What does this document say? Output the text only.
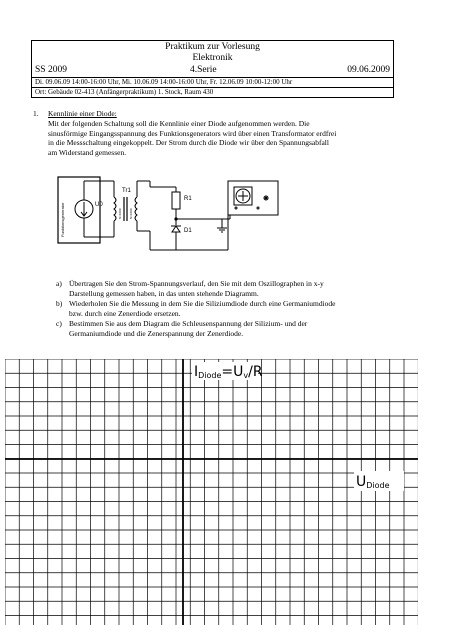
Praktikum zur Vorlesung
Elektronik
SS 2009	4.Serie	09.06.2009
Di. 09.06.09 14:00-16:00 Uhr, Mi. 10.06.09 14:00-16:00 Uhr, Fr. 12.06.09 10:00-12:00 Uhr
Ort: Gebäude 02-413 (Anfängerpraktikum) 1. Stock, Raum 430
1. Kennlinie einer Diode:
Mit der folgenden Schaltung soll die Kennlinie einer Diode aufgenommen werden. Die
sinusförmige Eingangsspannung des Funktionsgenerators wird über einen Transformator erdfrei
in die Messschaltung eingekoppelt. Der Strom durch die Diode wir über den Spannungsabfall
am Widerstand gemessen.
Funktionsgenerator	U0
Tr1
N=1000 N=1000
R1
D1
a) Übertragen Sie den Strom-Spannungsverlauf, den Sie mit dem Oszillographen in x-y
Darstellung gemessen haben, in das unten stehende Diagramm.
b) Wiederholen Sie die Messung in dem Sie die Siliziumdiode durch eine Germaniumdiode
bzw. durch eine Zenerdiode ersetzen.
c) Bestimmen Sie aus dem Diagram die Schleusenspannung der Silizium- und der
Germaniumdiode und die Zenerspannung der Zenerdiode.
IDiode=Uv/R
UDiode
